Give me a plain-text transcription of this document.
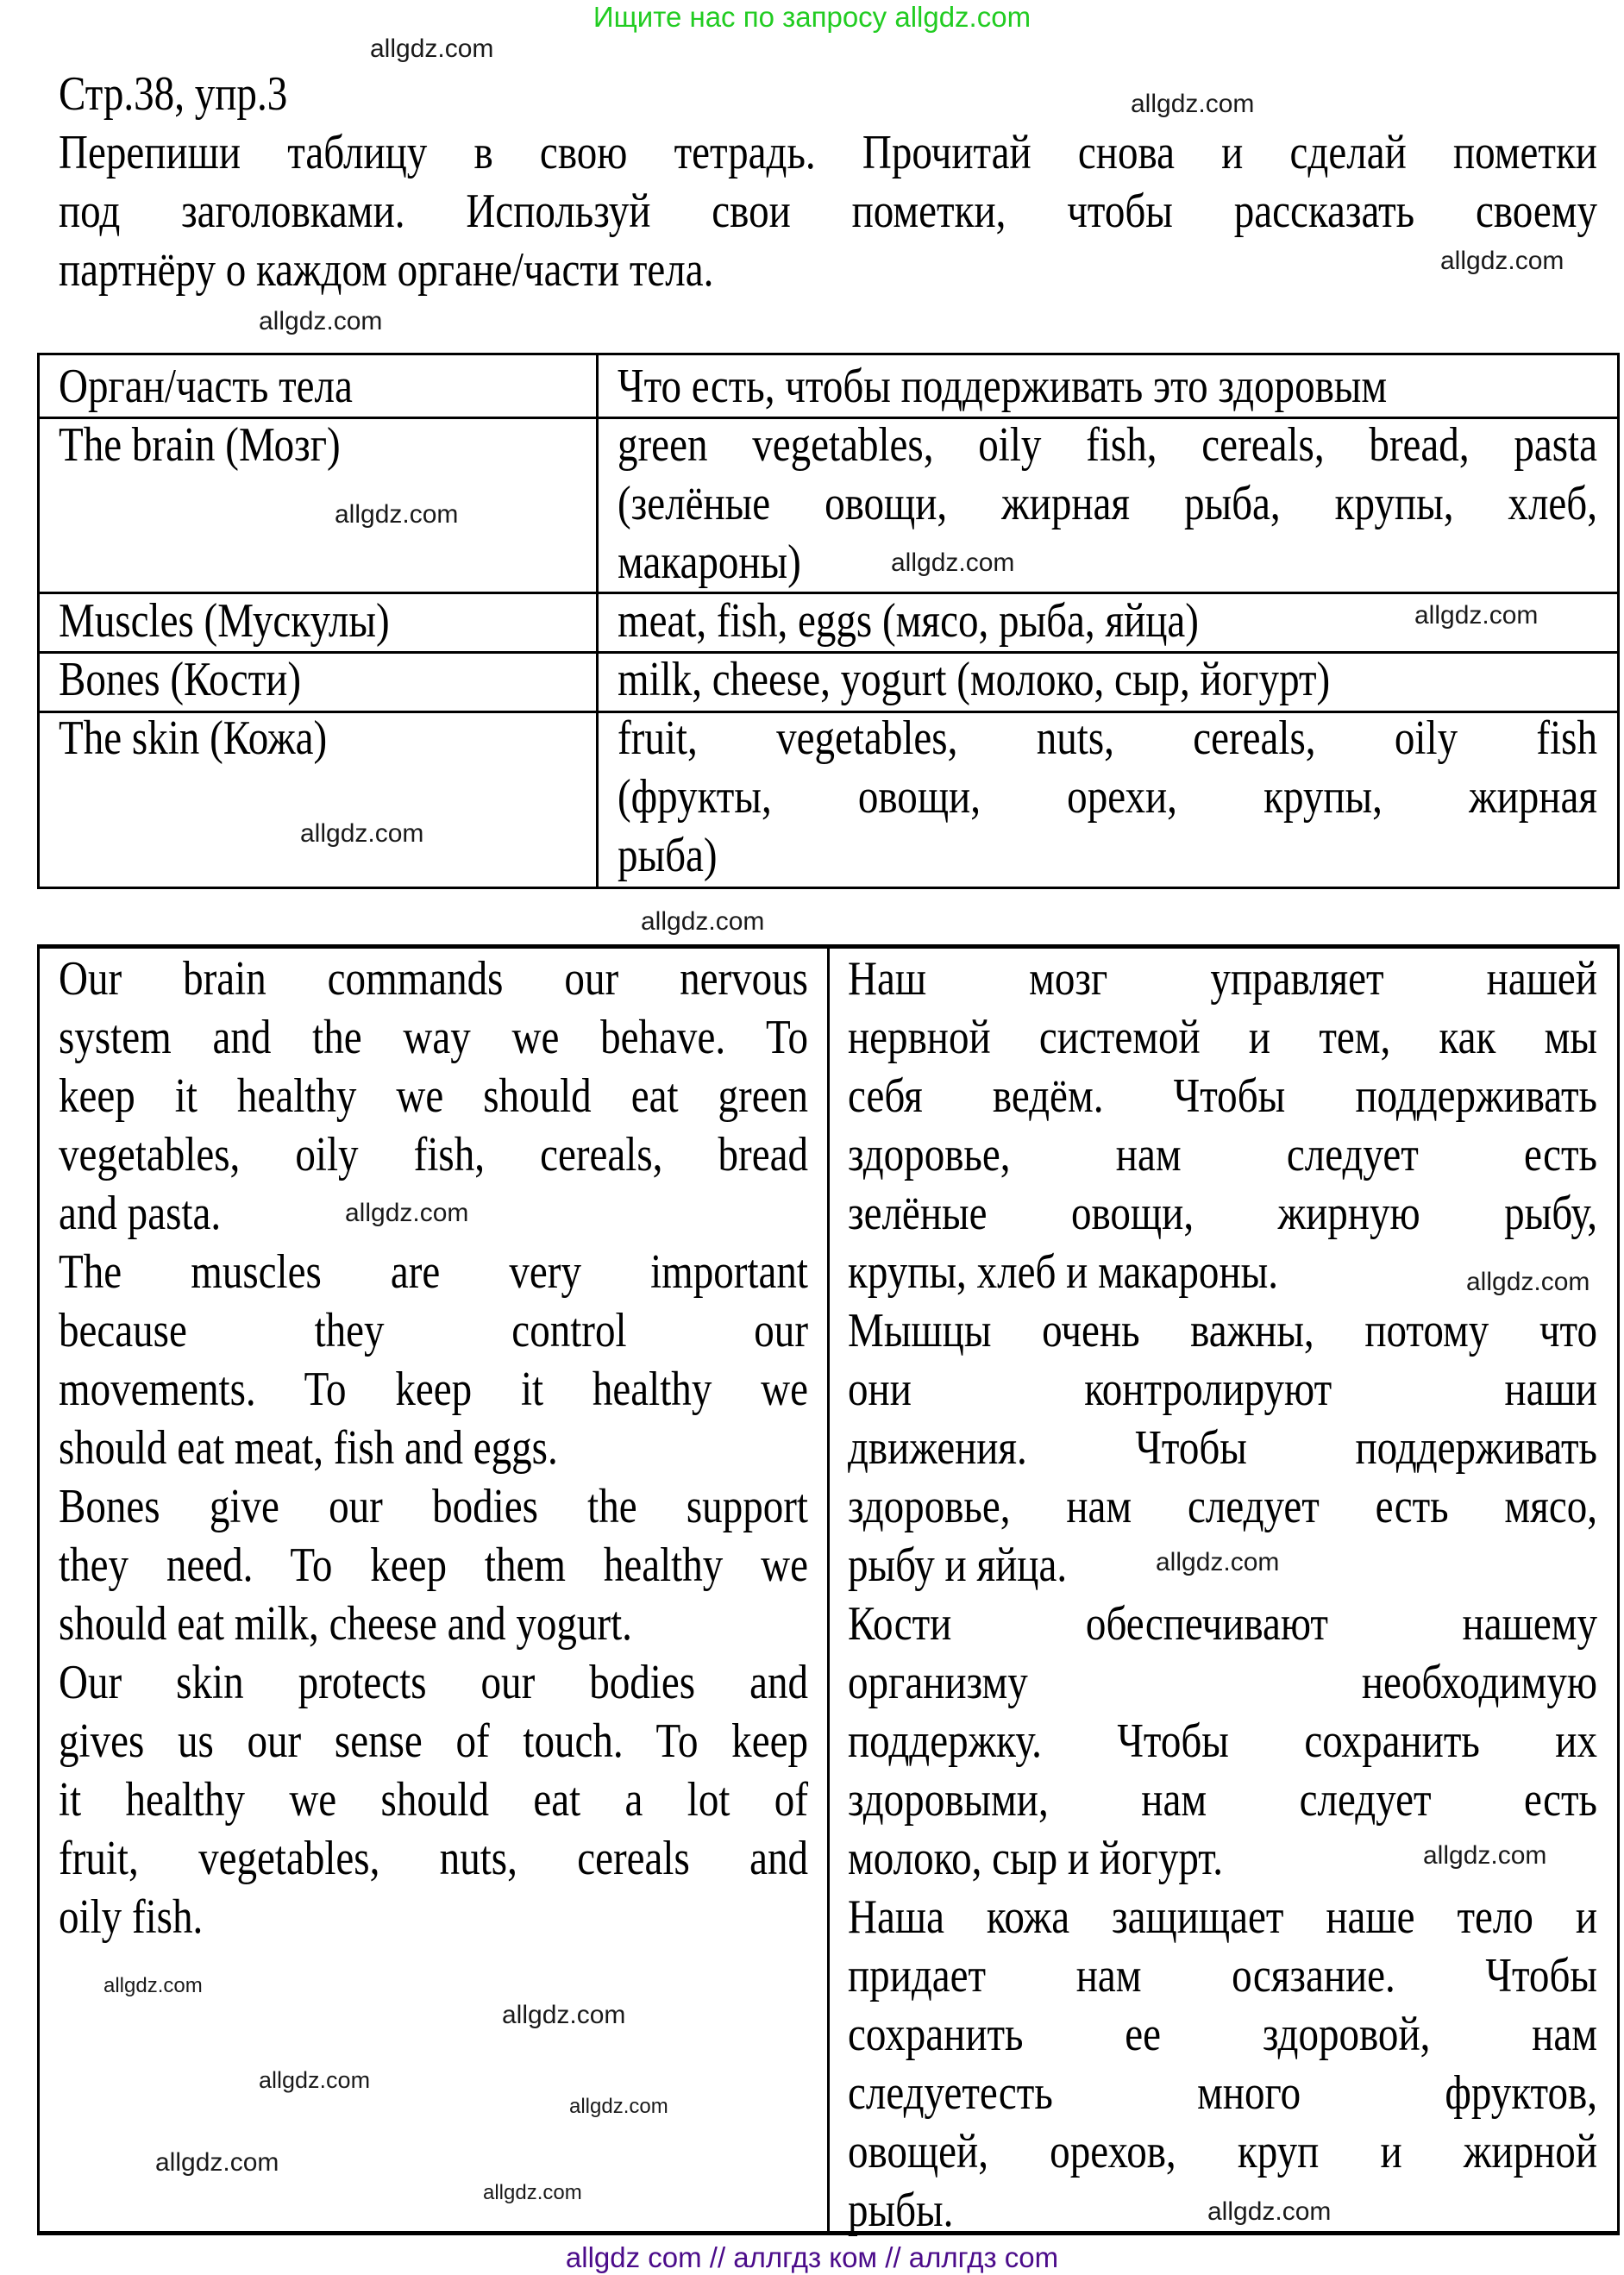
Ищите нас по запросу allgdz.com
Стр.38, упр.3
Перепиши таблицу в свою тетрадь. Прочитай снова и сделай пометки
под заголовками. Используй свои пометки, чтобы рассказать своему
партнёру о каждом органе/части тела.
Орган/часть тела	Что есть, чтобы поддерживать это здоровым
The brain (Мозг)	green vegetables, oily fish, cereals, bread, pasta
(зелёные овощи, жирная рыба, крупы, хлеб,
макароны)
Muscles (Мускулы)	meat, fish, eggs (мясо, рыба, яйца)
Bones (Кости)	milk, cheese, yogurt (молоко, сыр, йогурт)
The skin (Кожа)	fruit, vegetables, nuts, cereals, oily fish
(фрукты, овощи, орехи, крупы, жирная
рыба)
Our brain commands our nervous
system and the way we behave. To
keep it healthy we should eat green
vegetables, oily fish, cereals, bread
and pasta.
The muscles are very important
because they control our
movements. To keep it healthy we
should eat meat, fish and eggs.
Bones give our bodies the support
they need. To keep them healthy we
should eat milk, cheese and yogurt.
Our skin protects our bodies and
gives us our sense of touch. To keep
it healthy we should eat a lot of
fruit, vegetables, nuts, cereals and
oily fish.
Наш мозг управляет нашей
нервной системой и тем, как мы
себя ведём. Чтобы поддерживать
здоровье, нам следует есть
зелёные овощи, жирную рыбу,
крупы, хлеб и макароны.
Мышцы очень важны, потому что
они контролируют наши
движения. Чтобы поддерживать
здоровье, нам следует есть мясо,
рыбу и яйца.
Кости обеспечивают нашему
организму необходимую
поддержку. Чтобы сохранить их
здоровыми, нам следует есть
молоко, сыр и йогурт.
Наша кожа защищает наше тело и
придает нам осязание. Чтобы
сохранить ее здоровой, нам
следуетесть много фруктов,
овощей, орехов, круп и жирной
рыбы.
allgdz.com
allgdz.com
allgdz.com
allgdz.com
allgdz.com
allgdz.com
allgdz.com
allgdz.com
allgdz.com
allgdz.com
allgdz.com
allgdz.com
allgdz.com
allgdz.com
allgdz.com
allgdz.com
allgdz.com
allgdz.com
allgdz.com
allgdz.com
allgdz com // аллгдз ком // аллгдз com
